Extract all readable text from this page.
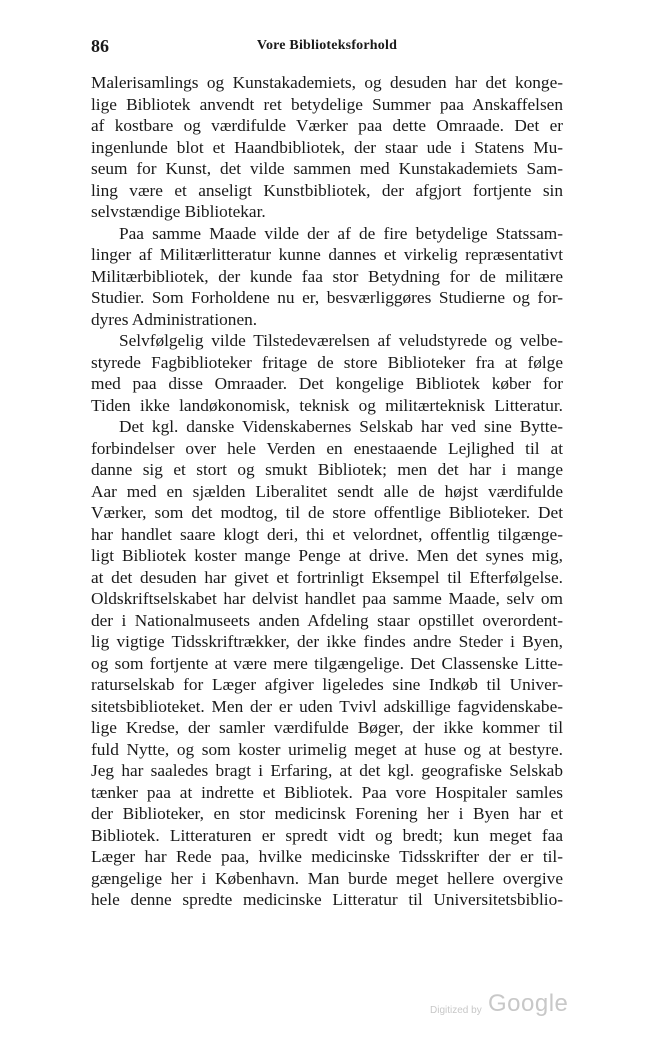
86	Vore Biblioteksforhold
Malerisamlings og Kunstakademiets, og desuden har det konge-
lige Bibliotek anvendt ret betydelige Summer paa Anskaffelsen
af kostbare og værdifulde Værker paa dette Omraade. Det er
ingenlunde blot et Haandbibliotek, der staar ude i Statens Mu-
seum for Kunst, det vilde sammen med Kunstakademiets Sam-
ling være et anseligt Kunstbibliotek, der afgjort fortjente sin
selvstændige Bibliotekar.
Paa samme Maade vilde der af de fire betydelige Statssam-
linger af Militærlitteratur kunne dannes et virkelig repræsentativt
Militærbibliotek, der kunde faa stor Betydning for de militære
Studier. Som Forholdene nu er, besværliggøres Studierne og for-
dyres Administrationen.
Selvfølgelig vilde Tilstedeværelsen af veludstyrede og velbe-
styrede Fagbiblioteker fritage de store Biblioteker fra at følge
med paa disse Omraader. Det kongelige Bibliotek køber for
Tiden ikke landøkonomisk, teknisk og militærteknisk Litteratur.
Det kgl. danske Videnskabernes Selskab har ved sine Bytte-
forbindelser over hele Verden en enestaaende Lejlighed til at
danne sig et stort og smukt Bibliotek; men det har i mange
Aar med en sjælden Liberalitet sendt alle de højst værdifulde
Værker, som det modtog, til de store offentlige Biblioteker. Det
har handlet saare klogt deri, thi et velordnet, offentlig tilgænge-
ligt Bibliotek koster mange Penge at drive. Men det synes mig,
at det desuden har givet et fortrinligt Eksempel til Efterfølgelse.
Oldskriftselskabet har delvist handlet paa samme Maade, selv om
der i Nationalmuseets anden Afdeling staar opstillet overordent-
lig vigtige Tidsskriftrækker, der ikke findes andre Steder i Byen,
og som fortjente at være mere tilgængelige. Det Classenske Litte-
raturselskab for Læger afgiver ligeledes sine Indkøb til Univer-
sitetsbiblioteket. Men der er uden Tvivl adskillige fagvidenskabe-
lige Kredse, der samler værdifulde Bøger, der ikke kommer til
fuld Nytte, og som koster urimelig meget at huse og at bestyre.
Jeg har saaledes bragt i Erfaring, at det kgl. geografiske Selskab
tænker paa at indrette et Bibliotek. Paa vore Hospitaler samles
der Biblioteker, en stor medicinsk Forening her i Byen har et
Bibliotek. Litteraturen er spredt vidt og bredt; kun meget faa
Læger har Rede paa, hvilke medicinske Tidsskrifter der er til-
gængelige her i København. Man burde meget hellere overgive
hele denne spredte medicinske Litteratur til Universitetsbiblio-
Digitized by Google
